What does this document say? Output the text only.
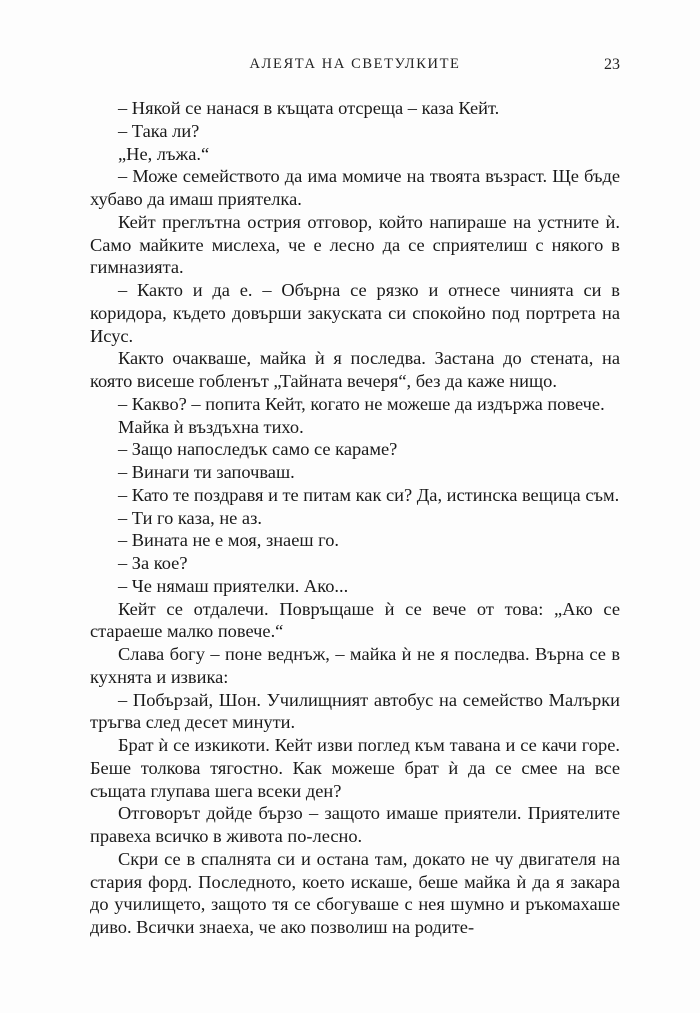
АЛЕЯТА НА СВЕТУЛКИТЕ	23

– Някой се нанася в къщата отсреща – каза Кейт.

– Така ли?

„Не, лъжа.“

– Може семейството да има момиче на твоята възраст. Ще бъде хубаво да имаш приятелка.

Кейт преглътна острия отговор, който напираше на устните ѝ. Само майките мислеха, че е лесно да се сприятелиш с някого в гимназията.

– Както и да е. – Обърна се рязко и отнесе чинията си в коридора, където довърши закуската си спокойно под портрета на Исус.

Както очакваше, майка ѝ я последва. Застана до стената, на която висеше гобленът „Тайната вечеря“, без да каже нищо.

– Какво? – попита Кейт, когато не можеше да издържа повече.

Майка ѝ въздъхна тихо.

– Защо напоследък само се караме?

– Винаги ти започваш.

– Като те поздравя и те питам как си? Да, истинска вещица съм.

– Ти го каза, не аз.

– Вината не е моя, знаеш го.

– За кое?

– Че нямаш приятелки. Ако...

Кейт се отдалечи. Повръщаше ѝ се вече от това: „Ако се стараеше малко повече.“

Слава богу – поне веднъж, – майка ѝ не я последва. Върна се в кухнята и извика:

– Побързай, Шон. Училищният автобус на семейство Малърки тръгва след десет минути.

Брат ѝ се изкикоти. Кейт изви поглед към тавана и се качи горе. Беше толкова тягостно. Как можеше брат ѝ да се смее на все същата глупава шега всеки ден?

Отговорът дойде бързо – защото имаше приятели. Приятелите правеха всичко в живота по-лесно.

Скри се в спалнята си и остана там, докато не чу двигателя на стария форд. Последното, което искаше, беше майка ѝ да я закара до училището, защото тя се сбогуваше с нея шумно и ръкомахаше диво. Всички знаеха, че ако позволиш на родите-
